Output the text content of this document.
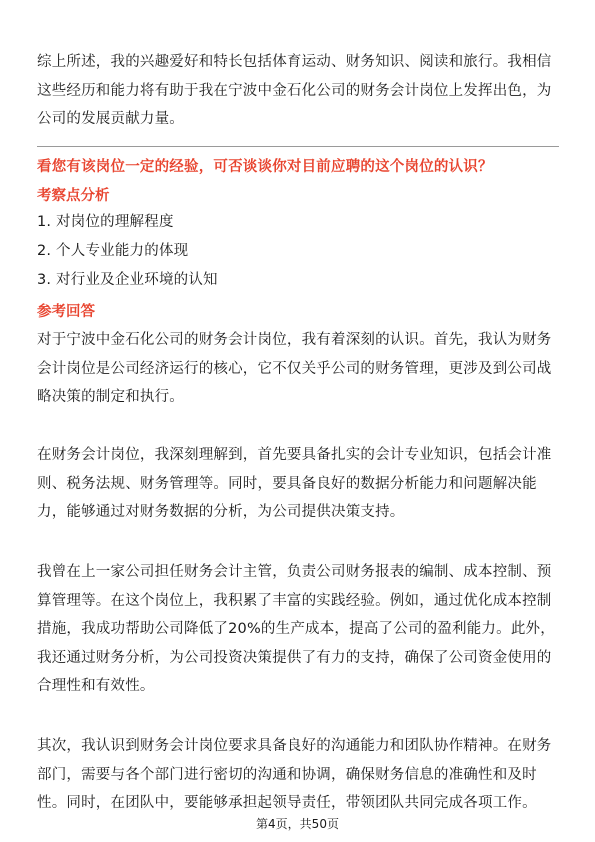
综上所述，我的兴趣爱好和特长包括体育运动、财务知识、阅读和旅行。我相信这些经历和能力将有助于我在宁波中金石化公司的财务会计岗位上发挥出色，为公司的发展贡献力量。

看您有该岗位一定的经验，可否谈谈你对目前应聘的这个岗位的认识？

考察点分析

1. 对岗位的理解程度

2. 个人专业能力的体现

3. 对行业及企业环境的认知

参考回答

对于宁波中金石化公司的财务会计岗位，我有着深刻的认识。首先，我认为财务会计岗位是公司经济运行的核心，它不仅关乎公司的财务管理，更涉及到公司战略决策的制定和执行。

在财务会计岗位，我深刻理解到，首先要具备扎实的会计专业知识，包括会计准则、税务法规、财务管理等。同时，要具备良好的数据分析能力和问题解决能力，能够通过对财务数据的分析，为公司提供决策支持。

我曾在上一家公司担任财务会计主管，负责公司财务报表的编制、成本控制、预算管理等。在这个岗位上，我积累了丰富的实践经验。例如，通过优化成本控制措施，我成功帮助公司降低了20%的生产成本，提高了公司的盈利能力。此外，我还通过财务分析，为公司投资决策提供了有力的支持，确保了公司资金使用的合理性和有效性。

其次，我认识到财务会计岗位要求具备良好的沟通能力和团队协作精神。在财务部门，需要与各个部门进行密切的沟通和协调，确保财务信息的准确性和及时性。同时，在团队中，要能够承担起领导责任，带领团队共同完成各项工作。

第4页，共50页
